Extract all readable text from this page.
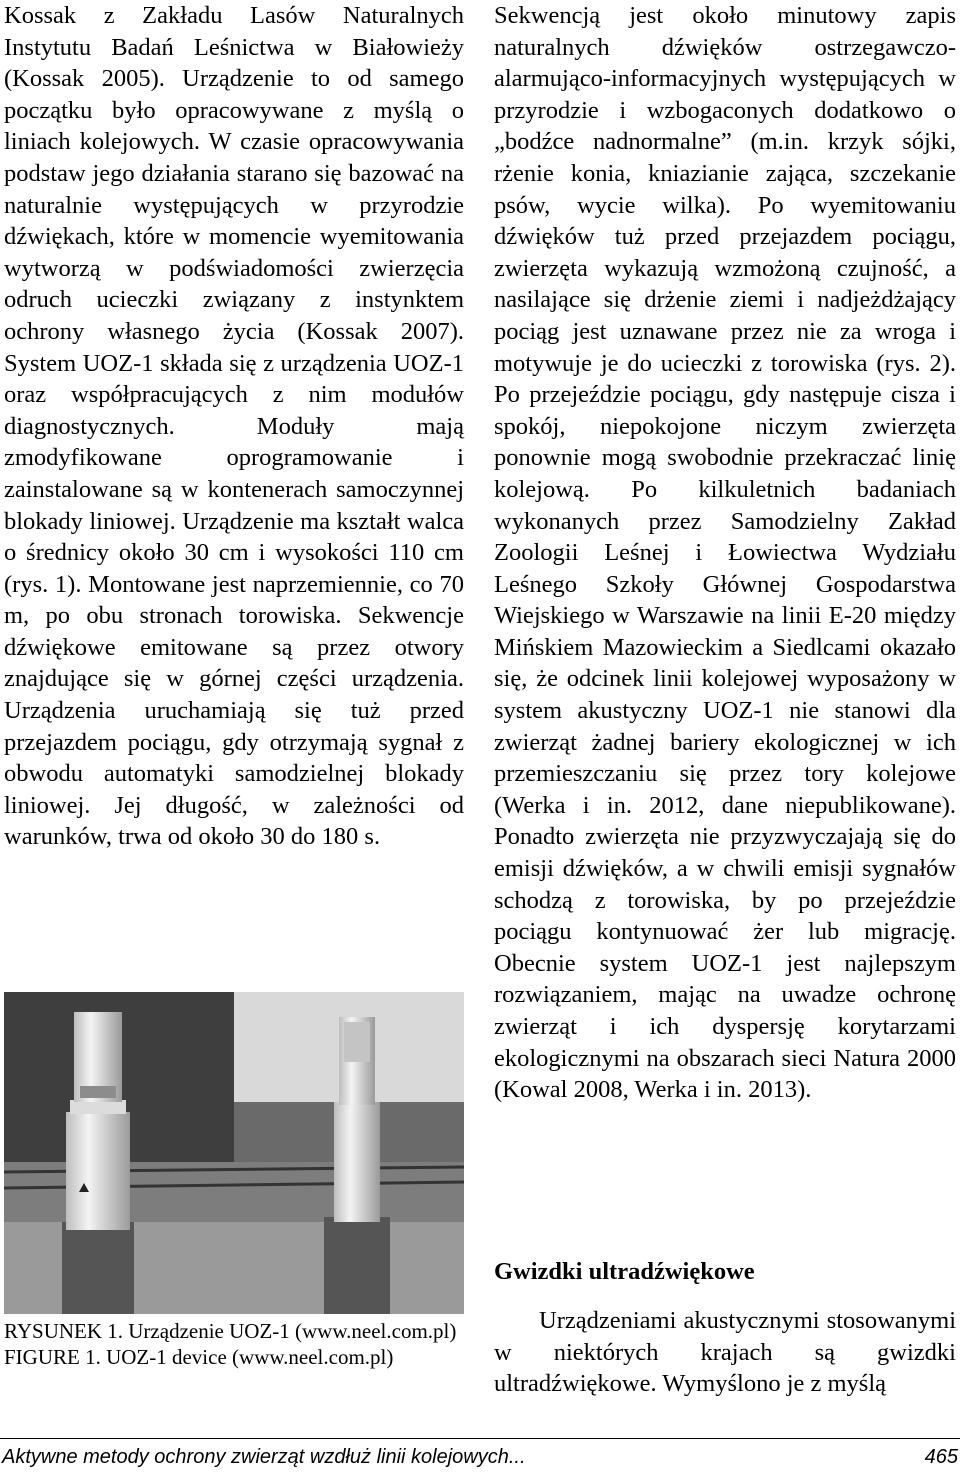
Kossak z Zakładu Lasów Naturalnych Instytutu Badań Leśnictwa w Białowieży (Kossak 2005). Urządzenie to od samego początku było opracowywane z myślą o liniach kolejowych. W czasie opracowywania podstaw jego działania starano się bazować na naturalnie występujących w przyrodzie dźwiękach, które w momencie wyemitowania wytworzą w podświadomości zwierzęcia odruch ucieczki związany z instynktem ochrony własnego życia (Kossak 2007). System UOZ-1 składa się z urządzenia UOZ-1 oraz współpracujących z nim modułów diagnostycznych. Moduły mają zmodyfikowane oprogramowanie i zainstalowane są w kontenerach samoczynnej blokady liniowej. Urządzenie ma kształt walca o średnicy około 30 cm i wysokości 110 cm (rys. 1). Montowane jest naprzemiennie, co 70 m, po obu stronach torowiska. Sekwencje dźwiękowe emitowane są przez otwory znajdujące się w górnej części urządzenia. Urządzenia uruchamiają się tuż przed przejazdem pociągu, gdy otrzymają sygnał z obwodu automatyki samodzielnej blokady liniowej. Jej długość, w zależności od warunków, trwa od około 30 do 180 s.

RYSUNEK 1. Urządzenie UOZ-1 (www.neel.com.pl)

FIGURE 1. UOZ-1 device (www.neel.com.pl)

Sekwencją jest około minutowy zapis naturalnych dźwięków ostrzegawczo-alarmująco-informacyjnych występujących w przyrodzie i wzbogaconych dodatkowo o „bodźce nadnormalne” (m.in. krzyk sójki, rżenie konia, kniazianie zająca, szczekanie psów, wycie wilka). Po wyemitowaniu dźwięków tuż przed przejazdem pociągu, zwierzęta wykazują wzmożoną czujność, a nasilające się drżenie ziemi i nadjeżdżający pociąg jest uznawane przez nie za wroga i motywuje je do ucieczki z torowiska (rys. 2). Po przejeździe pociągu, gdy następuje cisza i spokój, niepokojone niczym zwierzęta ponownie mogą swobodnie przekraczać linię kolejową. Po kilkuletnich badaniach wykonanych przez Samodzielny Zakład Zoologii Leśnej i Łowiectwa Wydziału Leśnego Szkoły Głównej Gospodarstwa Wiejskiego w Warszawie na linii E-20 między Mińskiem Mazowieckim a Siedlcami okazało się, że odcinek linii kolejowej wyposażony w system akustyczny UOZ-1 nie stanowi dla zwierząt żadnej bariery ekologicznej w ich przemieszczaniu się przez tory kolejowe (Werka i in. 2012, dane niepublikowane). Ponadto zwierzęta nie przyzwyczajają się do emisji dźwięków, a w chwili emisji sygnałów schodzą z torowiska, by po przejeździe pociągu kontynuować żer lub migrację. Obecnie system UOZ-1 jest najlepszym rozwiązaniem, mając na uwadze ochronę zwierząt i ich dyspersję korytarzami ekologicznymi na obszarach sieci Natura 2000 (Kowal 2008, Werka i in. 2013).

Gwizdki ultradźwiękowe

Urządzeniami akustycznymi stosowanymi w niektórych krajach są gwizdki ultradźwiękowe. Wymyślono je z myślą

Aktywne metody ochrony zwierząt wzdłuż linii kolejowych...	465
